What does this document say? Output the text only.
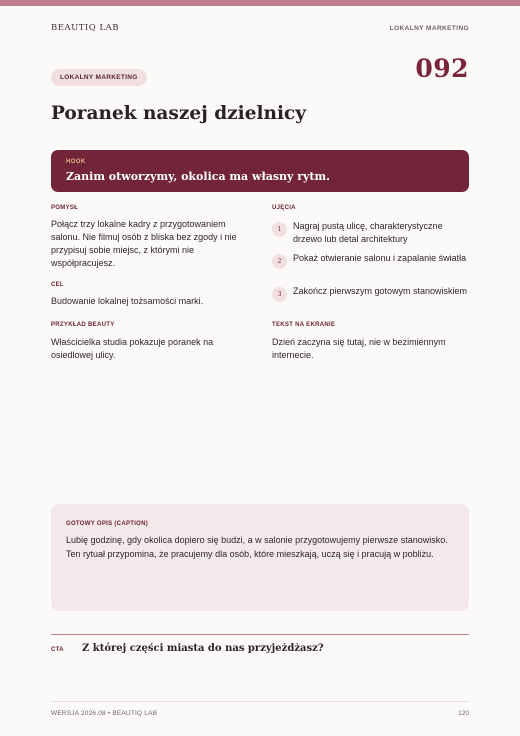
BEAUTIQ LAB	LOKALNY MARKETING
LOKALNY MARKETING	092
Poranek naszej dzielnicy
HOOK
Zanim otworzymy, okolica ma własny rytm.
POMYSŁ
Połącz trzy lokalne kadry z przygotowaniem salonu. Nie filmuj osób z bliska bez zgody i nie przypisuj sobie miejsc, z którymi nie współpracujesz.
CEL
Budowanie lokalnej tożsamości marki.
PRZYKŁAD BEAUTY
Właścicielka studia pokazuje poranek na osiedlowej ulicy.
UJĘCIA
1	Nagraj pustą ulicę, charakterystyczne drzewo lub detal architektury
2	Pokaż otwieranie salonu i zapalanie światła
3	Zakończ pierwszym gotowym stanowiskiem
TEKST NA EKRANIE
Dzień zaczyna się tutaj, nie w bezimiennym internecie.
GOTOWY OPIS (CAPTION)
Lubię godzinę, gdy okolica dopiero się budzi, a w salonie przygotowujemy pierwsze stanowisko. Ten rytuał przypomina, że pracujemy dla osób, które mieszkają, uczą się i pracują w pobliżu.
CTA Z której części miasta do nas przyjeżdżasz?
WERSJA 2026.08 • BEAUTIQ LAB	120
